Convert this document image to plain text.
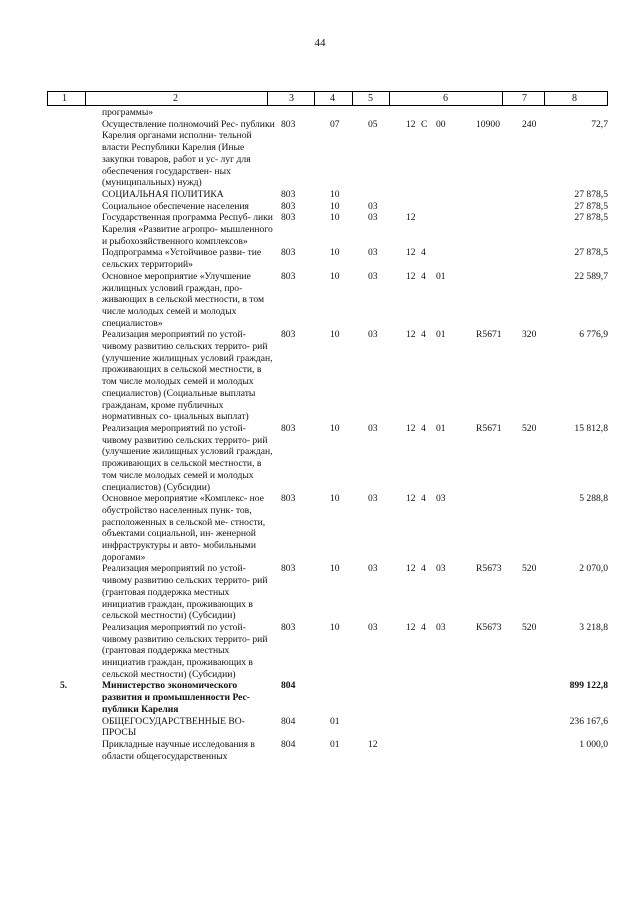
44
1	2	3	4	5	6	7	8
	программы»									
	Осуществление полномочий Рес- публики Карелия органами исполни- тельной власти Республики Карелия (Иные закупки товаров, работ и ус- луг для обеспечения государствен- ных (муниципальных) нужд)	803	07	05	12	С	00	10900	240	72,7
	СОЦИАЛЬНАЯ ПОЛИТИКА	803	10							27 878,5
	Социальное обеспечение населения	803	10	03						27 878,5
	Государственная программа Респуб- лики Карелия «Развитие агропро- мышленного и рыбохозяйственного комплексов»	803	10	03	12					27 878,5
	Подпрограмма «Устойчивое разви- тие сельских территорий»	803	10	03	12	4				27 878,5
	Основное мероприятие «Улучшение жилищных условий граждан, про- живающих в сельской местности, в том числе молодых семей и молодых специалистов»	803	10	03	12	4	01			22 589,7
	Реализация мероприятий по устой- чивому развитию сельских террито- рий (улучшение жилищных условий граждан, проживающих в сельской местности, в том числе молодых семей и молодых специалистов) (Социальные выплаты гражданам, кроме публичных нормативных со- циальных выплат)	803	10	03	12	4	01	R5671	320	6 776,9
	Реализация мероприятий по устой- чивому развитию сельских террито- рий (улучшение жилищных условий граждан, проживающих в сельской местности, в том числе молодых семей и молодых специалистов) (Субсидии)	803	10	03	12	4	01	R5671	520	15 812,8
	Основное мероприятие «Комплекс- ное обустройство населенных пунк- тов, расположенных в сельской ме- стности, объектами социальной, ин- женерной инфраструктуры и авто- мобильными дорогами»	803	10	03	12	4	03			5 288,8
	Реализация мероприятий по устой- чивому развитию сельских террито- рий (грантовая поддержка местных инициатив граждан, проживающих в сельской местности) (Субсидии)	803	10	03	12	4	03	R5673	520	2 070,0
	Реализация мероприятий по устой- чивому развитию сельских террито- рий (грантовая поддержка местных инициатив граждан, проживающих в сельской местности) (Субсидии)	803	10	03	12	4	03	К5673	520	3 218,8
5.	Министерство экономического развития и промышленности Рес- публики Карелия	804								899 122,8
	ОБЩЕГОСУДАРСТВЕННЫЕ ВО- ПРОСЫ	804	01							236 167,6
	Прикладные научные исследования в области общегосударственных	804	01	12						1 000,0
